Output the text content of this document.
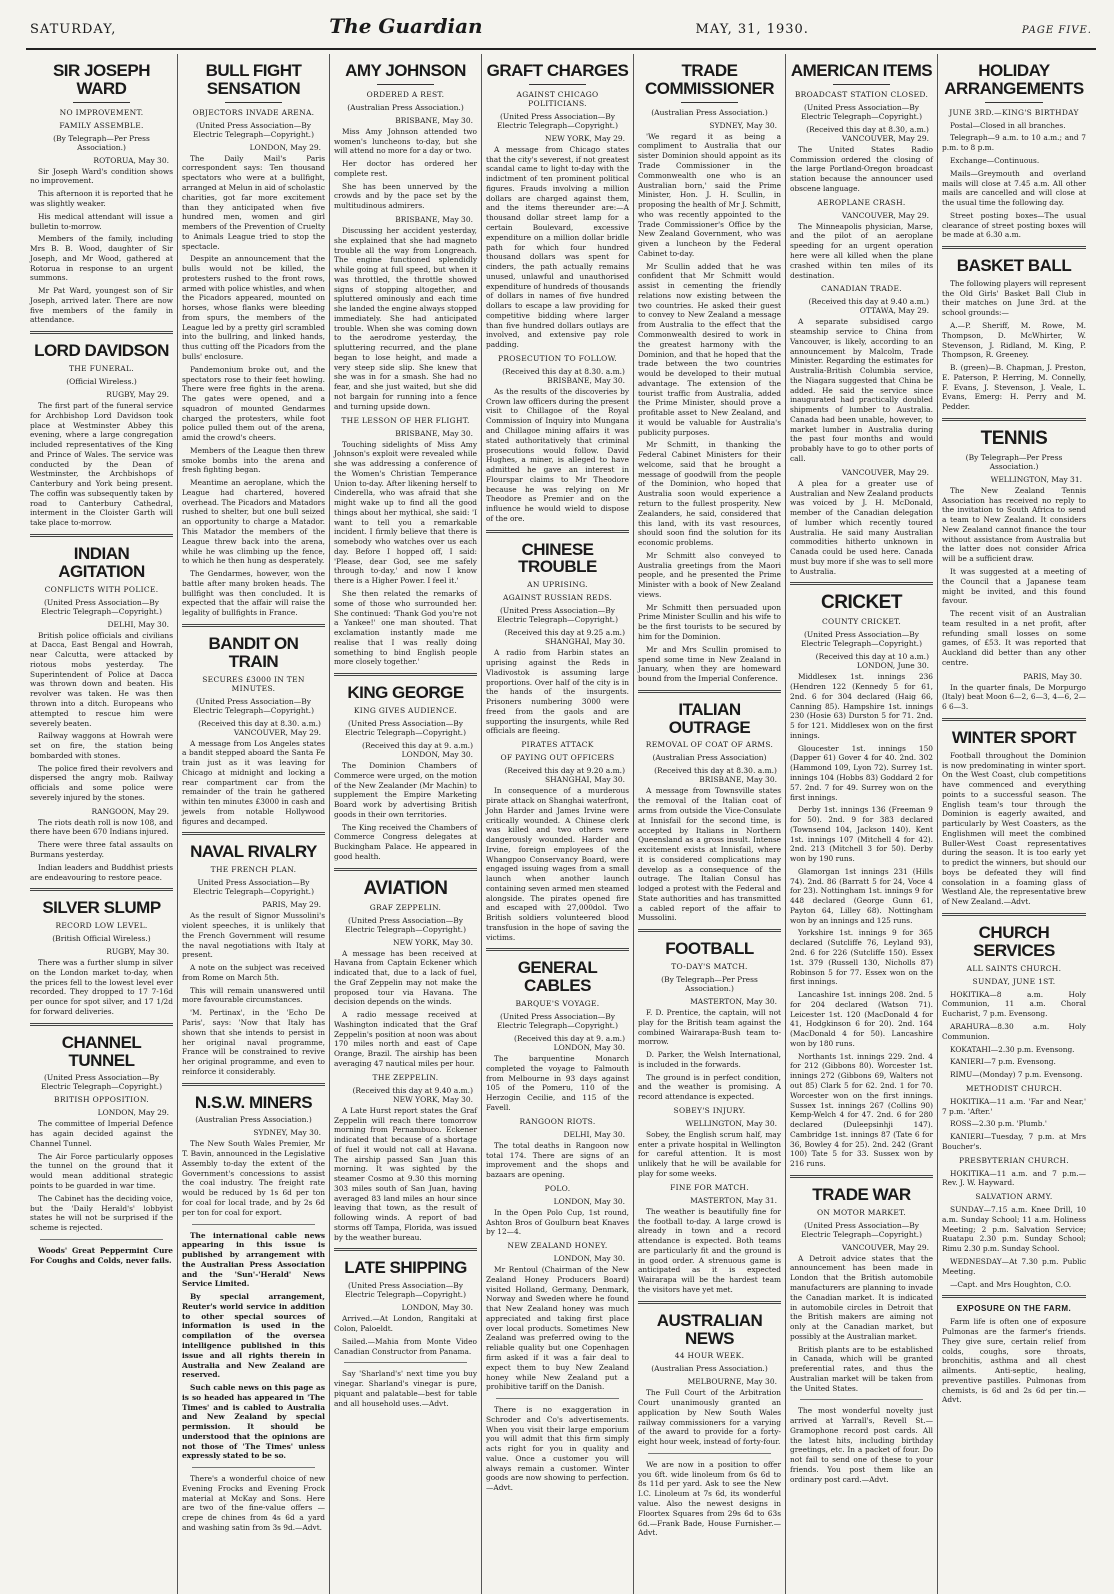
SATURDAY,	The Guardian	MAY, 31, 1930.	PAGE FIVE.
SIR JOSEPH WARD
NO IMPROVEMENT.
FAMILY ASSEMBLE.
(By Telegraph—Per Press Association.)
ROTORUA, May 30.

Sir Joseph Ward's condition shows no improvement.

This afternoon it is reported that he was slightly weaker.

His medical attendant will issue a bulletin to-morrow.

Members of the family, including Mrs B. B. Wood, daughter of Sir Joseph, and Mr Wood, gathered at Rotorua in response to an urgent summons.

Mr Pat Ward, youngest son of Sir Joseph, arrived later. There are now five members of the family in attendance.

LORD DAVIDSON
THE FUNERAL.
(Official Wireless.)
RUGBY, May 29.

The first part of the funeral service for Archbishop Lord Davidson took place at Westminster Abbey this evening, where a large congregation included representatives of the King and Prince of Wales. The service was conducted by the Dean of Westminster, the Archbishops of Canterbury and York being present. The coffin was subsequently taken by road to Canterbury Cathedral, interment in the Cloister Garth will take place to-morrow.

INDIAN AGITATION
CONFLICTS WITH POLICE.
(United Press Association—By Electric Telegraph—Copyright.)
DELHI, May 30.

British police officials and civilians at Dacca, East Bengal and Howrah, near Calcutta, were attacked by riotous mobs yesterday. The Superintendent of Police at Dacca was thrown down and beaten. His revolver was taken. He was then thrown into a ditch. Europeans who attempted to rescue him were severely beaten.

Railway waggons at Howrah were set on fire, the station being bombarded with stones.

The police fired their revolvers and dispersed the angry mob. Railway officials and some police were severely injured by the stones.

RANGOON, May 29.

The riots death roll is now 108, and there have been 670 Indians injured.

There were three fatal assaults on Burmans yesterday.

Indian leaders and Buddhist priests are endeavouring to restore peace.

SILVER SLUMP
RECORD LOW LEVEL.
(British Official Wireless.)
RUGBY, May 30.

There was a further slump in silver on the London market to-day, when the prices fell to the lowest level ever recorded. They dropped to 17 7-16d per ounce for spot silver, and 17 1/2d for forward deliveries.

CHANNEL TUNNEL
(United Press Association—By Electric Telegraph—Copyright.)
BRITISH OPPOSITION.
LONDON, May 29.

The committee of Imperial Defence has again decided against the Channel Tunnel.

The Air Force particularly opposes the tunnel on the ground that it would mean additional strategic points to be guarded in war time.

The Cabinet has the deciding voice, but the 'Daily Herald's' lobbyist states he will not be surprised if the scheme is rejected.

Woods' Great Peppermint Cure For Coughs and Colds, never fails.

BULL FIGHT SENSATION
OBJECTORS INVADE ARENA.
(United Press Association—By Electric Telegraph—Copyright.)
LONDON, May 29.

The Daily Mail's Paris correspondent says: Ten thousand spectators who were at a bullfight, arranged at Melun in aid of scholastic charities, got far more excitement than they anticipated when five hundred men, women and girl members of the Prevention of Cruelty to Animals League tried to stop the spectacle.

Despite an announcement that the bulls would not be killed, the protesters rushed to the front rows, armed with police whistles, and when the Picadors appeared, mounted on horses, whose flanks were bleeding from spurs, the members of the League led by a pretty girl scrambled into the bullring, and linked hands, thus cutting off the Picadors from the bulls' enclosure.

Pandemonium broke out, and the spectators rose to their feet howling. There were free fights in the arena. The gates were opened, and a squadron of mounted Gendarmes charged the protesters, while foot police pulled them out of the arena, amid the crowd's cheers.

Members of the League then threw smoke bombs into the arena and fresh fighting began.

Meantime an aeroplane, which the League had chartered, hovered overhead. The Picadors and Matadors rushed to shelter, but one bull seized an opportunity to charge a Matador. This Matador the members of the League threw back into the arena, while he was climbing up the fence, to which he then hung as desperately.

The Gendarmes, however, won the battle after many broken heads. The bullfight was then concluded. It is expected that the affair will raise the legality of bullfights in France.

BANDIT ON TRAIN
SECURES £3000 IN TEN MINUTES.
(United Press Association—By Electric Telegraph—Copyright.)
(Received this day at 8.30. a.m.) VANCOUVER, May 29.

A message from Los Angeles states a bandit stepped aboard the Santa Fe train just as it was leaving for Chicago at midnight and locking a rear compartment car from the remainder of the train he gathered within ten minutes £3000 in cash and jewels from notable Hollywood figures and decamped.

NAVAL RIVALRY
THE FRENCH PLAN.
United Press Association—By Electric Telegraph—Copyright.)
PARIS, May 29.

As the result of Signor Mussolini's violent speeches, it is unlikely that the French Government will resume the naval negotiations with Italy at present.

A note on the subject was received from Rome on March 5th.

This will remain unanswered until more favourable circumstances.

'M. Pertinax', in the 'Echo De Paris', says: 'Now that Italy has shown that she intends to persist in her original naval programme, France will be constrained to revive her original programme, and even to reinforce it considerably.

N.S.W. MINERS
(Australian Press Association.)
SYDNEY, May 30.

The New South Wales Premier, Mr T. Bavin, announced in the Legislative Assembly to-day the extent of the Government's concessions to assist the coal industry. The freight rate would be reduced by 1s 6d per ton for coal for local trade, and by 2s 6d per ton for coal for export.

The international cable news appearing in this issue is published by arrangement with the Australian Press Association and the 'Sun'-'Herald' News Service Limited.

By special arrangement, Reuter's world service in addition to other special sources of information is used in the compilation of the oversea intelligence published in this issue and all rights therein in Australia and New Zealand are reserved.

Such cable news on this page as is so headed has appeared in 'The Times' and is cabled to Australia and New Zealand by special permission. It should be understood that the opinions are not those of 'The Times' unless expressly stated to be so.

There's a wonderful choice of new Evening Frocks and Evening Frock material at McKay and Sons. Here are two of the fine-value offers — crepe de chines from 4s 6d a yard and washing satin from 3s 9d.—Advt.

AMY JOHNSON
ORDERED A REST.
(Australian Press Association.)
BRISBANE, May 30.

Miss Amy Johnson attended two women's luncheons to-day, but she will attend no more for a day or two.

Her doctor has ordered her complete rest.

She has been unnerved by the crowds and by the pace set by the multitudinous admirers.

BRISBANE, May 30.

Discussing her accident yesterday, she explained that she had magneto trouble all the way from Longreach. The engine functioned splendidly while going at full speed, but when it was throttled, the throttle showed signs of stopping altogether, and spluttered ominously and each time she landed the engine always stopped immediately. She had anticipated trouble. When she was coming down to the aerodrome yesterday, the spluttering recurred, and the plane began to lose height, and made a very steep side slip. She knew that she was in for a smash. She had no fear, and she just waited, but she did not bargain for running into a fence and turning upside down.

THE LESSON OF HER FLIGHT.
BRISBANE, May 30.

Touching sidelights of Miss Amy Johnson's exploit were revealed while she was addressing a conference of the Women's Christian Temperance Union to-day. After likening herself to Cinderella, who was afraid that she might wake up to find all the good things about her mythical, she said: 'I want to tell you a remarkable incident. I firmly believe that there is somebody who watches over us each day. Before I hopped off, I said: 'Please, dear God, see me safely through to-day,' and now I know there is a Higher Power. I feel it.'

She then related the remarks of some of those who surrounded her. She continued: 'Thank God you're not a Yankee!' one man shouted. That exclamation instantly made me realise that I was really doing something to bind English people more closely together.'

KING GEORGE
KING GIVES AUDIENCE.
(United Press Association—By Electric Telegraph—Copyright.)
(Received this day at 9. a.m.) LONDON, May 30.

The Dominion Chambers of Commerce were urged, on the motion of the New Zealander (Mr Machin) to supplement the Empire Marketing Board work by advertising British goods in their own territories.

The King received the Chambers of Commerce Congress delegates at Buckingham Palace. He appeared in good health.

AVIATION
GRAF ZEPPELIN.
(United Press Association—By Electric Telegraph—Copyright.)
NEW YORK, May 30.

A message has been received at Havana from Captain Eckener which indicated that, due to a lack of fuel, the Graf Zeppelin may not make the proposed tour via Havana. The decision depends on the winds.

A radio message received at Washington indicated that the Graf Zeppelin's position at noon was about 170 miles north and east of Cape Orange, Brazil. The airship has been averaging 47 nautical miles per hour.

THE ZEPPELIN.
(Received this day at 9.40 a.m.) NEW YORK, May 30.

A Late Hurst report states the Graf Zeppelin will reach there tomorrow morning from Pernambuco. Eckener indicated that because of a shortage of fuel it would not call at Havana. The airship passed San Juan this morning. It was sighted by the steamer Cosmo at 9.30 this morning 303 miles south of San Juan, having averaged 83 land miles an hour since leaving that town, as the result of following winds. A report of bad storms off Tampa, Florida, was issued by the weather bureau.

LATE SHIPPING
(United Press Association—By Electric Telegraph—Copyright.)
LONDON, May 30.

Arrived.—At London, Rangitaki at Colon, Paloeldt.

Sailed.—Mahia from Monte Video Canadian Constructor from Panama.

Say 'Sharland's' next time you buy vinegar. Sharland's vinegar is pure, piquant and palatable—best for table and all household uses.—Advt.

GRAFT CHARGES
AGAINST CHICAGO POLITICIANS.
(United Press Association—By Electric Telegraph—Copyright.)
NEW YORK, May 29.

A message from Chicago states that the city's severest, if not greatest scandal came to light to-day with the indictment of ten prominent political figures. Frauds involving a million dollars are charged against them, and the items thereunder are:—A thousand dollar street lamp for a certain Boulevard, excessive expenditure on a million dollar bridle path for which four hundred thousand dollars was spent for cinders, the path actually remains unused, unlawful and unauthorised expenditure of hundreds of thousands of dollars in names of five hundred dollars to escape a law providing for competitive bidding where larger than five hundred dollars outlays are involved, and extensive pay role padding.

PROSECUTION TO FOLLOW.
(Received this day at 8.30. a.m.) BRISBANE, May 30.

As the results of the discoveries by Crown law officers during the present visit to Chillagoe of the Royal Commission of Inquiry into Mungana and Chillagoe mining affairs it was stated authoritatively that criminal prosecutions would follow. David Hughes, a miner, is alleged to have admitted he gave an interest in Flourspar claims to Mr Theodore because he was relying on Mr Theodore as Premier and on the influence he would wield to dispose of the ore.

CHINESE TROUBLE
AN UPRISING.
AGAINST RUSSIAN REDS.
(United Press Association—By Electric Telegraph—Copyright.)
(Received this day at 9.25 a.m.) SHANGHAI, May 30.

A radio from Harbin states an uprising against the Reds in Vladivostok is assuming large proportions. Over half of the city is in the hands of the insurgents. Prisoners numbering 3000 were freed from the gaols and are supporting the insurgents, while Red officials are fleeing.

PIRATES ATTACK
OF PAYING OUT OFFICERS
(Received this day at 9.20 a.m.) SHANGHAI, May 30.

In consequence of a murderous pirate attack on Shanghai waterfront, John Harder and James Irvine were critically wounded. A Chinese clerk was killed and two others were dangerously wounded. Harder and Irvine, foreign employees of the Whangpoo Conservancy Board, were engaged issuing wages from a small launch when another launch containing seven armed men steamed alongside. The pirates opened fire and escaped with 27,000dol. Two British soldiers volunteered blood transfusion in the hope of saving the victims.

GENERAL CABLES
BARQUE'S VOYAGE.
(United Press Association—By Electric Telegraph—Copyright.)
(Received this day at 9. a.m.) LONDON, May 30.

The barquentine Monarch completed the voyage to Falmouth from Melbourne in 93 days against 105 of the Pomeru, 110 of the Herzogin Cecilie, and 115 of the Favell.

RANGOON RIOTS.
DELHI, May 30.

The total deaths in Rangoon now total 174. There are signs of an improvement and the shops and bazaars are opening.

POLO.
LONDON, May 30.

In the Open Polo Cup, 1st round, Ashton Bros of Goulburn beat Knaves by 12—4.

NEW ZEALAND HONEY.
LONDON, May 30.

Mr Rentoul (Chairman of the New Zealand Honey Producers Board) visited Holland, Germany, Denmark, Norway and Sweden where he found that New Zealand honey was much appreciated and taking first place over local products. Sometimes New Zealand was preferred owing to the reliable quality but one Copenhagen firm asked if it was a fair deal to expect them to buy New Zealand honey while New Zealand put a prohibitive tariff on the Danish.

There is no exaggeration in Schroder and Co's advertisements. When you visit their large emporium you will admit that this firm simply acts right for you in quality and value. Once a customer you will always remain a customer. Winter goods are now showing to perfection.—Advt.

TRADE COMMISSIONER
(Australian Press Association.)
SYDNEY, May 30.

'We regard it as being a compliment to Australia that our sister Dominion should appoint as its Trade Commissioner in the Commonwealth one who is an Australian born,' said the Prime Minister, Hon. J. H. Scullin, in proposing the health of Mr J. Schmitt, who was recently appointed to the Trade Commissioner's Office by the New Zealand Government, who was given a luncheon by the Federal Cabinet to-day.

Mr Scullin added that he was confident that Mr Schmitt would assist in cementing the friendly relations now existing between the two countries. He asked their guest to convey to New Zealand a message from Australia to the effect that the Commonwealth desired to work in the greatest harmony with the Dominion, and that he hoped that the trade between the two countries would be developed to their mutual advantage. The extension of the tourist traffic from Australia, added the Prime Minister, should prove a profitable asset to New Zealand, and it would be valuable for Australia's publicity purposes.

Mr Schmitt, in thanking the Federal Cabinet Ministers for their welcome, said that he brought a message of goodwill from the people of the Dominion, who hoped that Australia soon would experience a return to the fullest prosperity. New Zealanders, he said, considered that this land, with its vast resources, should soon find the solution for its economic problems.

Mr Schmitt also conveyed to Australia greetings from the Maori people, and he presented the Prime Minister with a book of New Zealand views.

Mr Schmitt then persuaded upon Prime Minister Scullin and his wife to be the first tourists to be secured by him for the Dominion.

Mr and Mrs Scullin promised to spend some time in New Zealand in January, when they are homeward bound from the Imperial Conference.

ITALIAN OUTRAGE
REMOVAL OF COAT OF ARMS.
(Australian Press Association)
(Received this day at 8.30. a.m.) BRISBANE, May 30.

A message from Townsville states the removal of the Italian coat of arms from outside the Vice-Consulate at Innisfail for the second time, is accepted by Italians in Northern Queensland as a gross insult. Intense excitement exists at Innisfail, where it is considered complications may develop as a consequence of the outrage. The Italian Consul has lodged a protest with the Federal and State authorities and has transmitted a cabled report of the affair to Mussolini.

FOOTBALL
TO-DAY'S MATCH.
(By Telegraph—Per Press Association.)
MASTERTON, May 30.

F. D. Prentice, the captain, will not play for the British team against the combined Wairarapa-Bush team to-morrow.

D. Parker, the Welsh International, is included in the forwards.

The ground is in perfect condition, and the weather is promising. A record attendance is expected.

SOBEY'S INJURY.
WELLINGTON, May 30.

Sobey, the English scrum half, may enter a private hospital in Wellington for careful attention. It is most unlikely that he will be available for play for some weeks.

FINE FOR MATCH.
MASTERTON, May 31.

The weather is beautifully fine for the football to-day. A large crowd is already in town and a record attendance is expected. Both teams are particularly fit and the ground is in good order. A strenuous game is anticipated as it is expected Wairarapa will be the hardest team the visitors have yet met.

AUSTRALIAN NEWS
44 HOUR WEEK.
(Australian Press Association.)
MELBOURNE, May 30.

The Full Court of the Arbitration Court unanimously granted an application by New South Wales railway commissioners for a varying of the award to provide for a forty-eight hour week, instead of forty-four.

We are now in a position to offer you 6ft. wide linoleum from 6s 6d to 8s 11d per yard. Ask to see the New I.C. Linoleum at 7s 6d, its wonderful value. Also the newest designs in Floortex Squares from 29s 6d to 63s 6d.—Frank Bade, House Furnisher.—Advt.

AMERICAN ITEMS
BROADCAST STATION CLOSED.
(United Press Association—By Electric Telegraph—Copyright.)
(Received this day at 8.30, a.m.) VANCOUVER, May 29.

The United States Radio Commission ordered the closing of the large Portland-Oregon broadcast station because the announcer used obscene language.

AEROPLANE CRASH.
VANCOUVER, May 29.

The Minneapolis physician, Marse, and the pilot of an aeroplane speeding for an urgent operation here were all killed when the plane crashed within ten miles of its destination.

CANADIAN TRADE.
(Received this day at 9.40 a.m.) OTTAWA, May 29.

A separate subsidised cargo steamship service to China from Vancouver, is likely, according to an announcement by Malcolm, Trade Minister. Regarding the estimates for Australia-British Columbia service, the Niagara suggested that China be added. He said the service since inaugurated had practically doubled shipments of lumber to Australia. Canada had been unable, however, to market lumber in Australia during the past four months and would probably have to go to other ports of call.

VANCOUVER, May 29.

A plea for a greater use of Australian and New Zealand products was voiced by J. H. McDonald, member of the Canadian delegation of lumber which recently toured Australia. He said many Australian commodities hitherto unknown in Canada could be used here. Canada must buy more if she was to sell more to Australia.

CRICKET
COUNTY CRICKET.
(United Press Association—By Electric Telegraph—Copyright.)
(Received this day at 10 a.m.) LONDON, June 30.

Middlesex 1st. innings 236 (Hendren 122 (Kennedy 5 for 61, 2nd. 6 for 304 declared (Haig 66, Canning 85). Hampshire 1st. innings 230 (Hosie 63) Durston 5 for 71. 2nd. 5 for 121. Middlesex won on the first innings.

Gloucester 1st. innings 150 (Dapper 61) Gover 4 for 40. 2nd. 302 (Hammond 109, Lyon 72). Surrey 1st. innings 104 (Hobbs 83) Goddard 2 for 57. 2nd. 7 for 49. Surrey won on the first innings.

Derby 1st. innings 136 (Freeman 9 for 50). 2nd. 9 for 383 declared (Townsend 104, Jackson 140). Kent 1st. innings 107 (Mitchell 4 for 42). 2nd. 213 (Mitchell 3 for 50). Derby won by 190 runs.

Glamorgan 1st innings 231 (Hills 74). 2nd. 86 (Barratt 5 for 24, Voce 4 for 23). Nottingham 1st. innings 9 for 448 declared (George Gunn 61, Payton 64, Lilley 68). Nottingham won by an innings and 125 runs.

Yorkshire 1st. innings 9 for 365 declared (Sutcliffe 76, Leyland 93), 2nd. 6 for 226 (Sutcliffe 150). Essex 1st. 379 (Russell 130, Nicholls 87) Robinson 5 for 77. Essex won on the first innings.

Lancashire 1st. innings 208. 2nd. 5 for 204 declared (Watson 71). Leicester 1st. 120 (MacDonald 4 for 41, Hodgkinson 6 for 20). 2nd. 164 (MacDonald 4 for 50). Lancashire won by 180 runs.

Northants 1st. innings 229. 2nd. 4 for 212 (Gibbons 80). Worcester 1st. innings 272 (Gibbons 69, Walters not out 85) Clark 5 for 62. 2nd. 1 for 70. Worcester won on the first innings. Sussex 1st. innings 267 (Collins 90) Kemp-Welch 4 for 47. 2nd. 6 for 280 declared (Duleepsinhji 147). Cambridge 1st. innings 87 (Tate 6 for 36, Bowley 4 for 25). 2nd. 242 (Grant 100) Tate 5 for 33. Sussex won by 216 runs.

TRADE WAR
ON MOTOR MARKET.
(United Press Association—By Electric Telegraph—Copyright.)
VANCOUVER, May 29.

A Detroit advice states that the announcement has been made in London that the British automobile manufacturers are planning to invade the Canadian market. It is indicated in automobile circles in Detroit that the British makers are aiming not only at the Canadian market, but possibly at the Australian market.

British plants are to be established in Canada, which will be granted preferential rates, and thus the Australian market will be taken from the United States.

The most wonderful novelty just arrived at Yarrall's, Revell St.—Gramophone record post cards. All the latest hits, including birthday greetings, etc. In a packet of four. Do not fail to send one of these to your friends. You post them like an ordinary post card.—Advt.

HOLIDAY ARRANGEMENTS
JUNE 3RD.—KING'S BIRTHDAY

Postal—Closed in all branches.

Telegraph—9 a.m. to 10 a.m.; and 7 p.m. to 8 p.m.

Exchange—Continuous.

Mails—Greymouth and overland mails will close at 7.45 a.m. All other mails are cancelled and will close at the usual time the following day.

Street posting boxes—The usual clearance of street posting boxes will be made at 6.30 a.m.

BASKET BALL

The following players will represent the Old Girls' Basket Ball Club in their matches on June 3rd. at the school grounds:—

A.—P. Sheriff, M. Rowe, M. Thompson, D. McWhirter, W. Stevenson, J. Ridland, M. King, P. Thompson, R. Greeney.

B. (green)—B. Chapman, J. Preston, E. Paterson, P. Herring, M. Connelly, F. Evans, J. Stevenson, J. Veale, L. Evans, Emerg: H. Perry and M. Pedder.

TENNIS
(By Telegraph—Per Press Association.)
WELLINGTON, May 31.

The New Zealand Tennis Association has received no reply to the invitation to South Africa to send a team to New Zealand. It considers New Zealand cannot finance the tour without assistance from Australia but the latter does not consider Africa will be a sufficient draw.

It was suggested at a meeting of the Council that a Japanese team might be invited, and this found favour.

The recent visit of an Australian team resulted in a net profit, after refunding small losses on some games, of £53. It was reported that Auckland did better than any other centre.

PARIS, May 30.

In the quarter finals, De Morpurgo (Italy) beat Moon 6—2, 6—3, 4—6, 2—6 6—3.

WINTER SPORT

Football throughout the Dominion is now predominating in winter sport. On the West Coast, club competitions have commenced and everything points to a successful season. The English team's tour through the Dominion is eagerly awaited, and particularly by West Coasters, as the Englishmen will meet the combined Buller-West Coast representatives during the season. It is too early yet to predict the winners, but should our boys be defeated they will find consolation in a foaming glass of Westland Ale, the representative brew of New Zealand.—Advt.

CHURCH SERVICES
ALL SAINTS CHURCH.
SUNDAY, JUNE 1ST.

HOKITIKA—8 a.m. Holy Communion, 11 a.m. Choral Eucharist, 7 p.m. Evensong.

ARAHURA—8.30 a.m. Holy Communion.

KOKATAHI—2.30 p.m. Evensong.

KANIERI—7 p.m. Evensong.

RIMU—(Monday) 7 p.m. Evensong.

METHODIST CHURCH.

HOKITIKA—11 a.m. 'Far and Near,' 7 p.m. 'After.'

ROSS—2.30 p.m. 'Plumb.'

KANIERI—Tuesday, 7 p.m. at Mrs Boucher's.

PRESBYTERIAN CHURCH.

HOKITIKA—11 a.m. and 7 p.m.—Rev. J. W. Hayward.

SALVATION ARMY.

SUNDAY—7.15 a.m. Knee Drill, 10 a.m. Sunday School; 11 a.m. Holiness Meeting; 2 p.m. Salvation Service; Ruatapu 2.30 p.m. Sunday School; Rimu 2.30 p.m. Sunday School.

WEDNESDAY—At 7.30 p.m. Public Meeting.

—Capt. and Mrs Houghton, C.O.

EXPOSURE ON THE FARM.

Farm life is often one of exposure Pulmonas are the farmer's friends. They give sure, certain relief from colds, coughs, sore throats, bronchitis, asthma and all chest ailments. Anti-septic, healing, preventive pastilles. Pulmonas from chemists, is 6d and 2s 6d per tin.—Advt.
